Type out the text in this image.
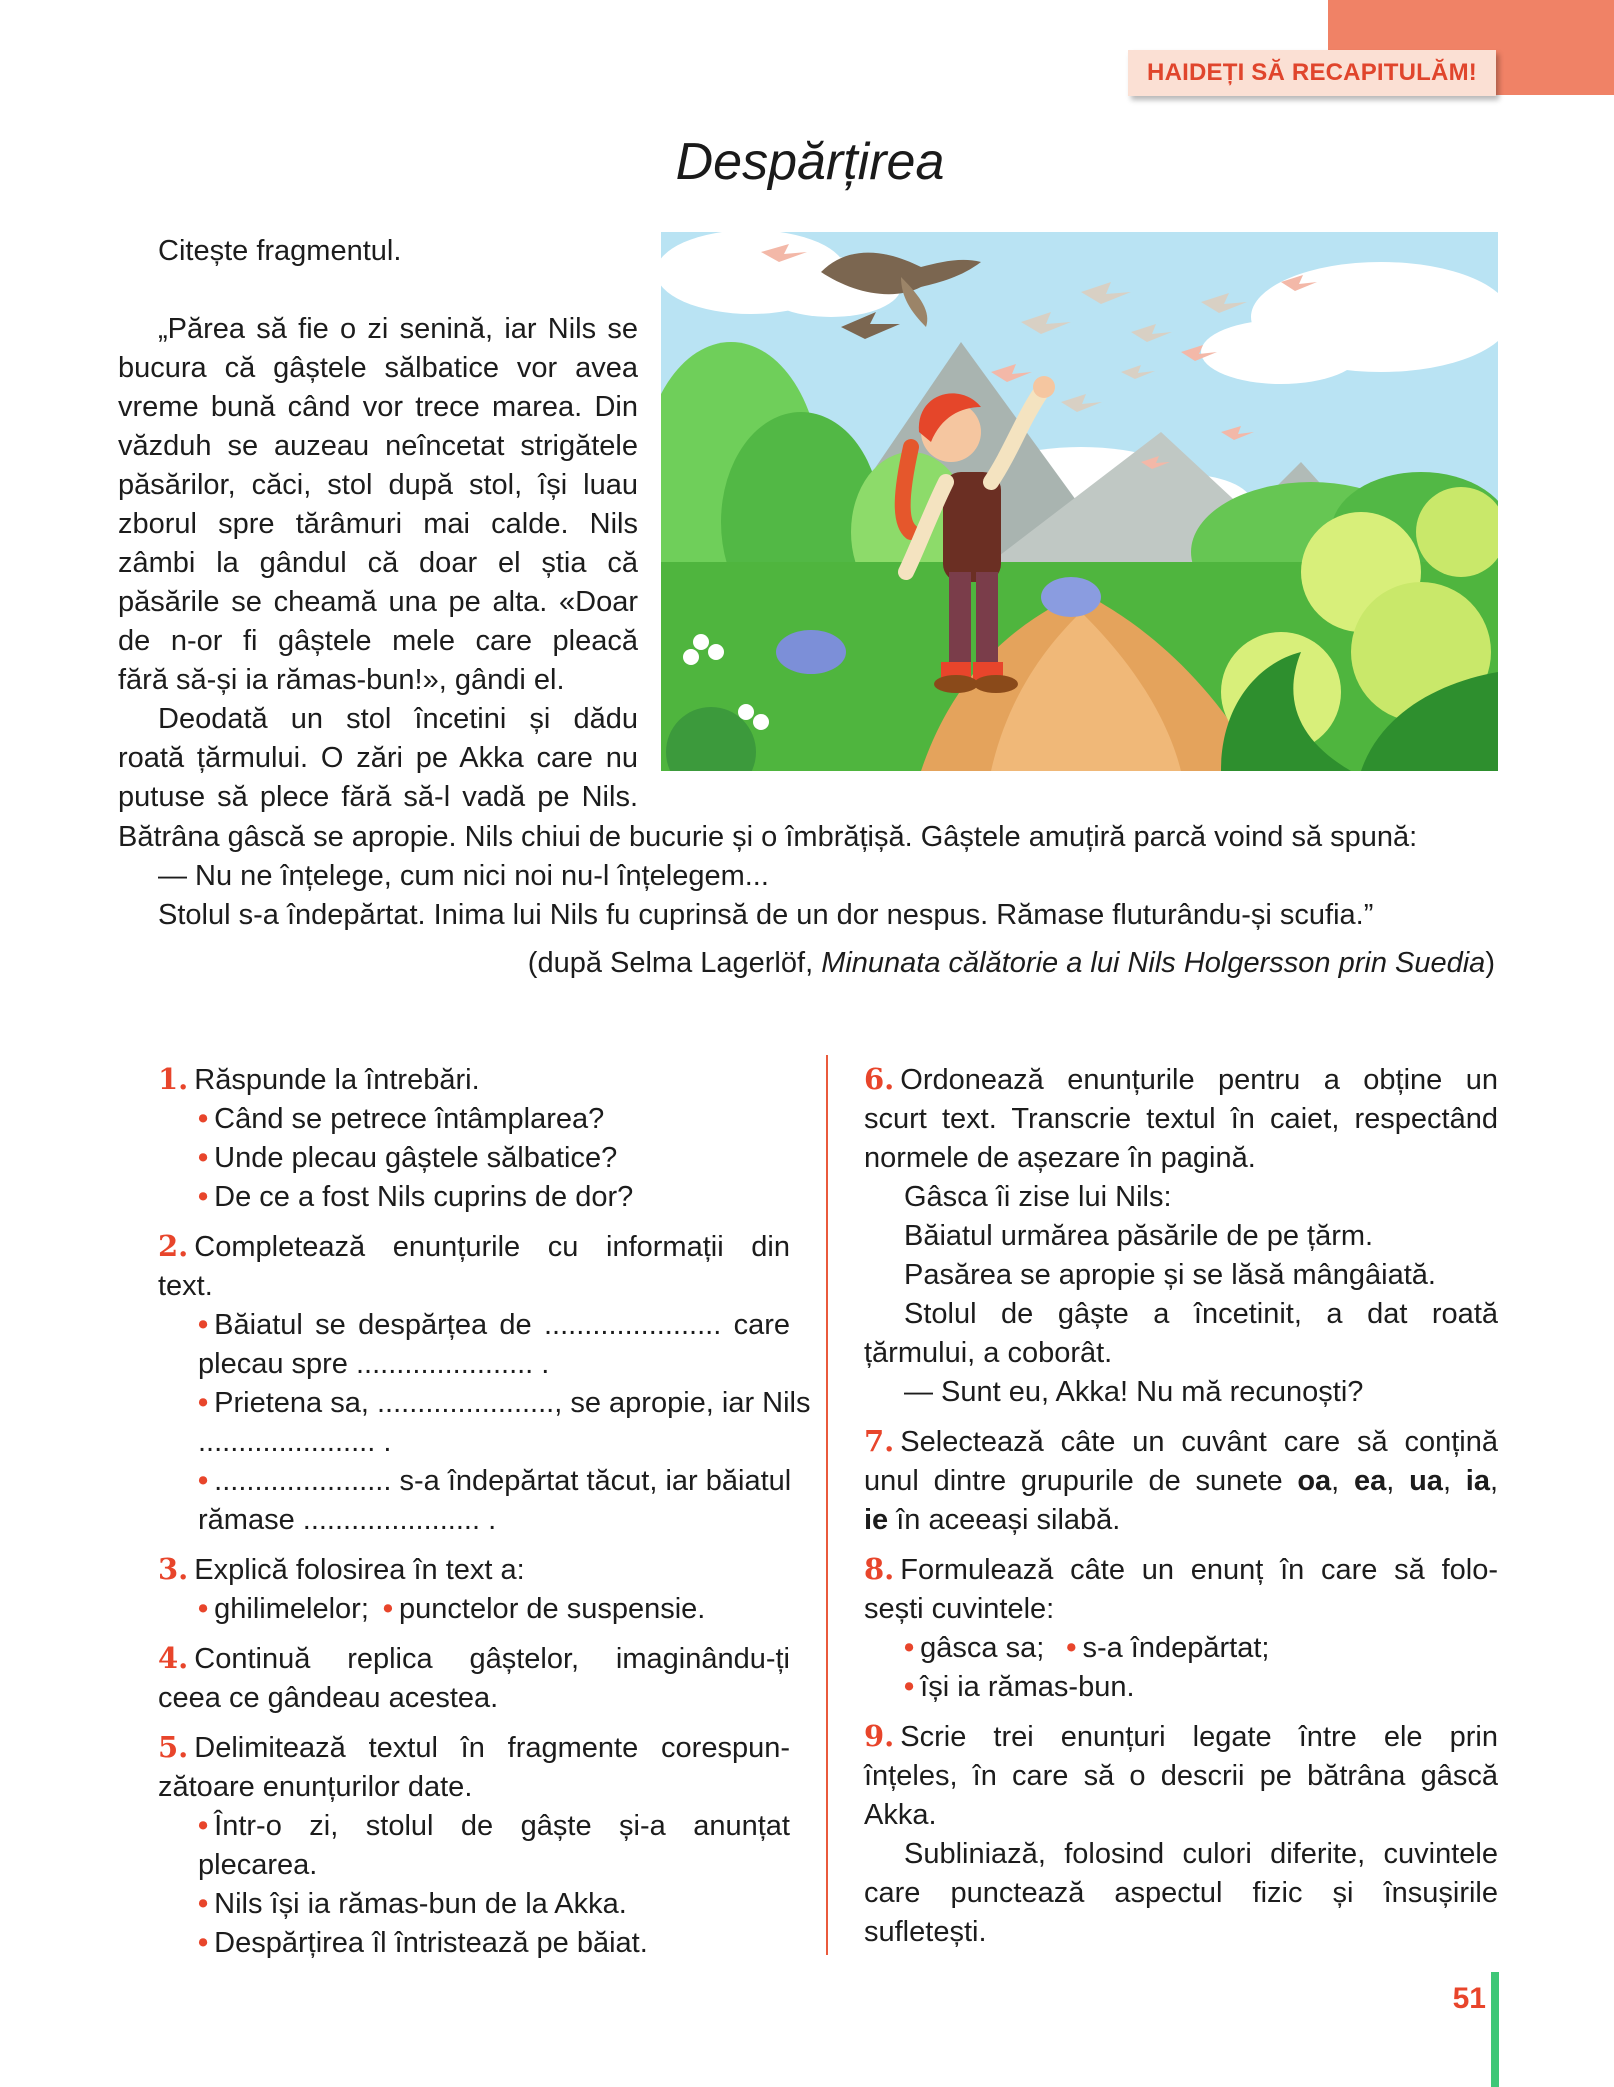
HAIDEȚI SĂ RECAPITULĂM!
Despărțirea

Citește fragmentul.

„Părea să fie o zi senină, iar Nils se
bucura că gâștele sălbatice vor avea
vreme bună când vor trece marea. Din
văzduh se auzeau neîncetat strigătele
păsărilor, căci, stol după stol, își luau
zborul spre tărâmuri mai calde. Nils
zâmbi la gândul că doar el știa că
păsările se cheamă una pe alta. «Doar
de n-or fi gâștele mele care pleacă
fără să-și ia rămas-bun!», gândi el.
Deodată un stol încetini și dădu
roată țărmului. O zări pe Akka care nu
putuse să plece fără să-l vadă pe Nils.
Bătrâna gâscă se apropie. Nils chiui de bucurie și o îmbrățișă. Gâștele amuțiră parcă voind să spună:
— Nu ne înțelege, cum nici noi nu-l înțelegem...
Stolul s-a îndepărtat. Inima lui Nils fu cuprinsă de un dor nespus. Rămase fluturându-și scufia.”
(după Selma Lagerlöf, Minunata călătorie a lui Nils Holgersson prin Suedia)
1. Răspunde la întrebări.
• Când se petrece întâmplarea?
• Unde plecau gâștele sălbatice?
• De ce a fost Nils cuprins de dor?
2. Completează enunțurile cu informații din
text.
• Băiatul se despărțea de ...................... care
plecau spre ...................... .
• Prietena sa, ......................, se apropie, iar Nils
...................... .
• ...................... s-a îndepărtat tăcut, iar băiatul
rămase ...................... .
3. Explică folosirea în text a:
• ghilimelelor; • punctelor de suspensie.
4. Continuă replica gâștelor, imaginându-ți
ceea ce gândeau acestea.
5. Delimitează textul în fragmente corespun-
zătoare enunțurilor date.
• Într-o zi, stolul de gâște și-a anunțat
plecarea.
• Nils își ia rămas-bun de la Akka.
• Despărțirea îl întristează pe băiat.
6. Ordonează enunțurile pentru a obține un
scurt text. Transcrie textul în caiet, respectând
normele de așezare în pagină.
Gâsca îi zise lui Nils:
Băiatul urmărea păsările de pe țărm.
Pasărea se apropie și se lăsă mângâiată.
Stolul de gâște a încetinit, a dat roată
țărmului, a coborât.
— Sunt eu, Akka! Nu mă recunoști?
7. Selectează câte un cuvânt care să conțină
unul dintre grupurile de sunete oa, ea, ua, ia,
ie în aceeași silabă.
8. Formulează câte un enunț în care să folo-
sești cuvintele:
• gâsca sa; • s-a îndepărtat;
• își ia rămas-bun.
9. Scrie trei enunțuri legate între ele prin
înțeles, în care să o descrii pe bătrâna gâscă
Akka.
Subliniază, folosind culori diferite, cuvintele
care punctează aspectul fizic și însușirile
sufletești.
51
